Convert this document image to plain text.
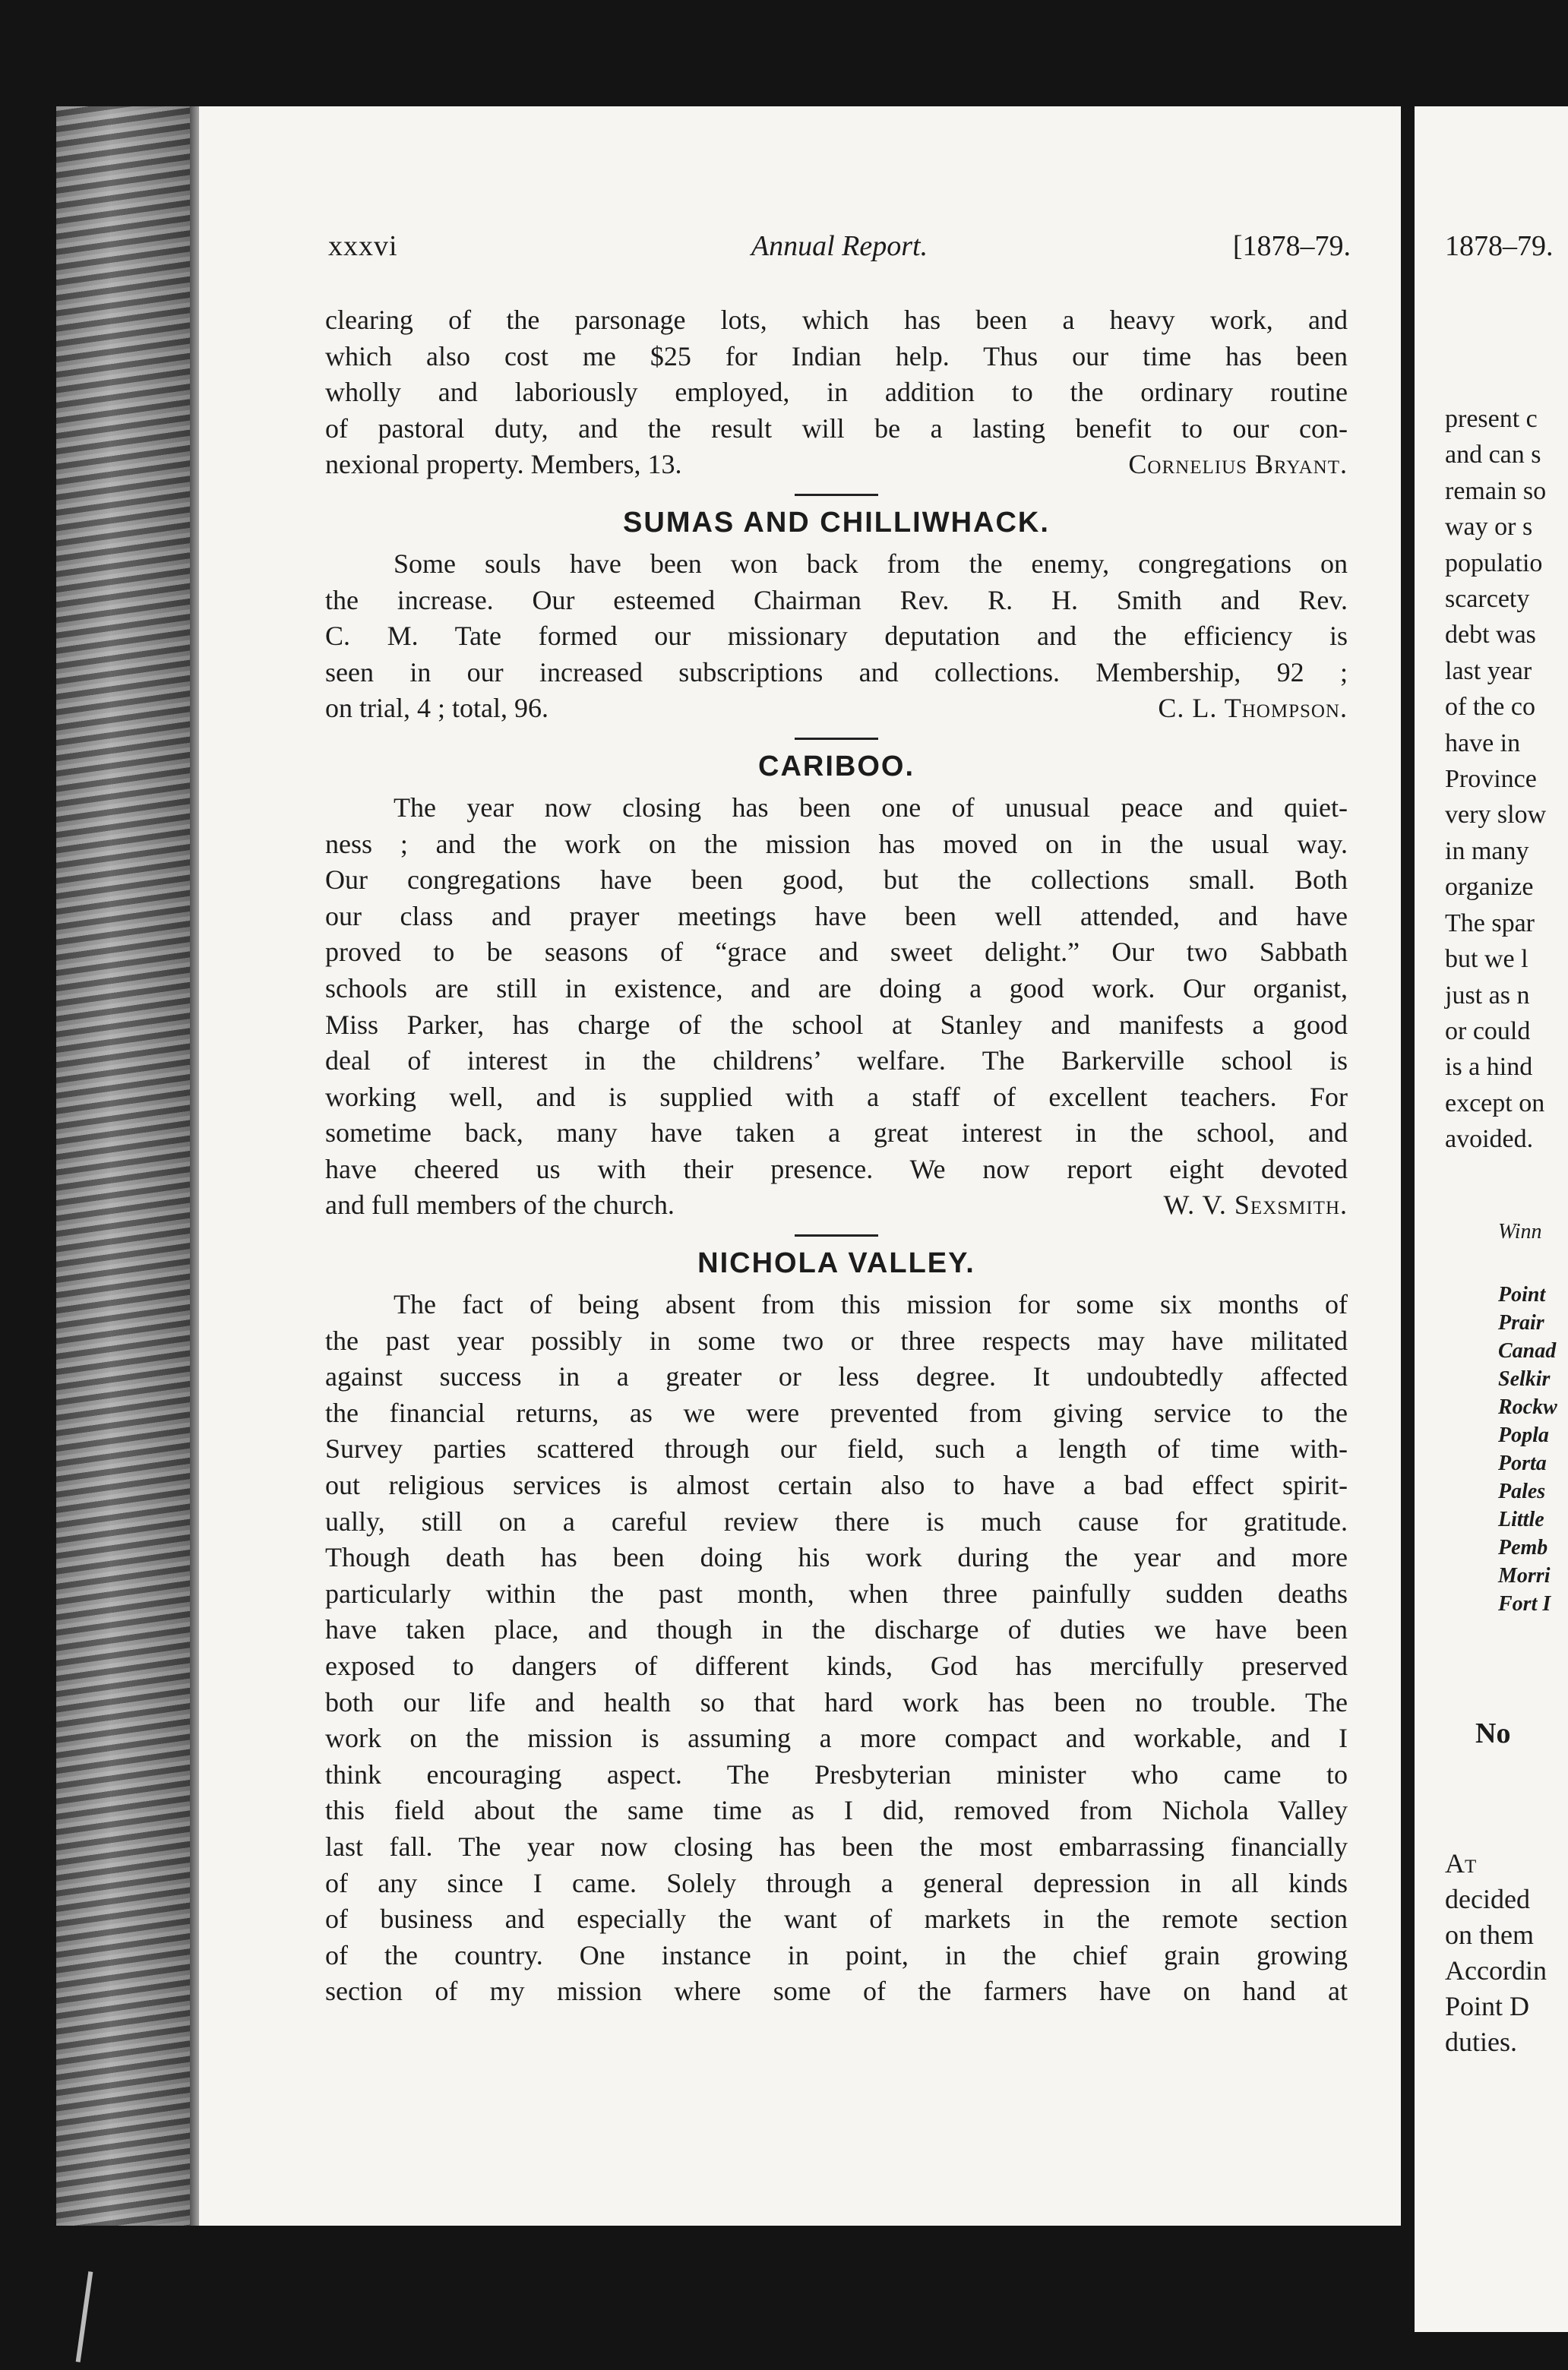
xxxvi	Annual Report.	[1878–79.

clearing of the parsonage lots, which has been a heavy work, and

which also cost me $25 for Indian help. Thus our time has been

wholly and laboriously employed, in addition to the ordinary routine

of pastoral duty, and the result will be a lasting benefit to our con-

nexional property. Members, 13.	Cornelius Bryant.

SUMAS AND CHILLIWHACK.

Some souls have been won back from the enemy, congregations on

the increase. Our esteemed Chairman Rev. R. H. Smith and Rev.

C. M. Tate formed our missionary deputation and the efficiency is

seen in our increased subscriptions and collections. Membership, 92 ;

on trial, 4 ; total, 96.	C. L. Thompson.

CARIBOO.

The year now closing has been one of unusual peace and quiet-

ness ; and the work on the mission has moved on in the usual way.

Our congregations have been good, but the collections small. Both

our class and prayer meetings have been well attended, and have

proved to be seasons of “grace and sweet delight.” Our two Sabbath

schools are still in existence, and are doing a good work. Our organist,

Miss Parker, has charge of the school at Stanley and manifests a good

deal of interest in the childrens’ welfare. The Barkerville school is

working well, and is supplied with a staff of excellent teachers. For

sometime back, many have taken a great interest in the school, and

have cheered us with their presence. We now report eight devoted

and full members of the church.	W. V. Sexsmith.

NICHOLA VALLEY.

The fact of being absent from this mission for some six months of

the past year possibly in some two or three respects may have militated

against success in a greater or less degree. It undoubtedly affected

the financial returns, as we were prevented from giving service to the

Survey parties scattered through our field, such a length of time with-

out religious services is almost certain also to have a bad effect spirit-

ually, still on a careful review there is much cause for gratitude.

Though death has been doing his work during the year and more

particularly within the past month, when three painfully sudden deaths

have taken place, and though in the discharge of duties we have been

exposed to dangers of different kinds, God has mercifully preserved

both our life and health so that hard work has been no trouble. The

work on the mission is assuming a more compact and workable, and I

think encouraging aspect. The Presbyterian minister who came to

this field about the same time as I did, removed from Nichola Valley

last fall. The year now closing has been the most embarrassing financially

of any since I came. Solely through a general depression in all kinds

of business and especially the want of markets in the remote section

of the country. One instance in point, in the chief grain growing

section of my mission where some of the farmers have on hand at

1878–79.
present c
and can s
remain so
way or s
populatio
scarcety
debt was
last year
of the co
have in
Province
very slow
in many
organize
The spar
but we l
just as n
or could
is a hind
except on
avoided.
Winn
Point
Prair
Canad
Selkir
Rockw
Popla
Porta
Pales
Little
Pemb
Morri
Fort I
No
At
decided
on them
Accordin
Point D
duties.
